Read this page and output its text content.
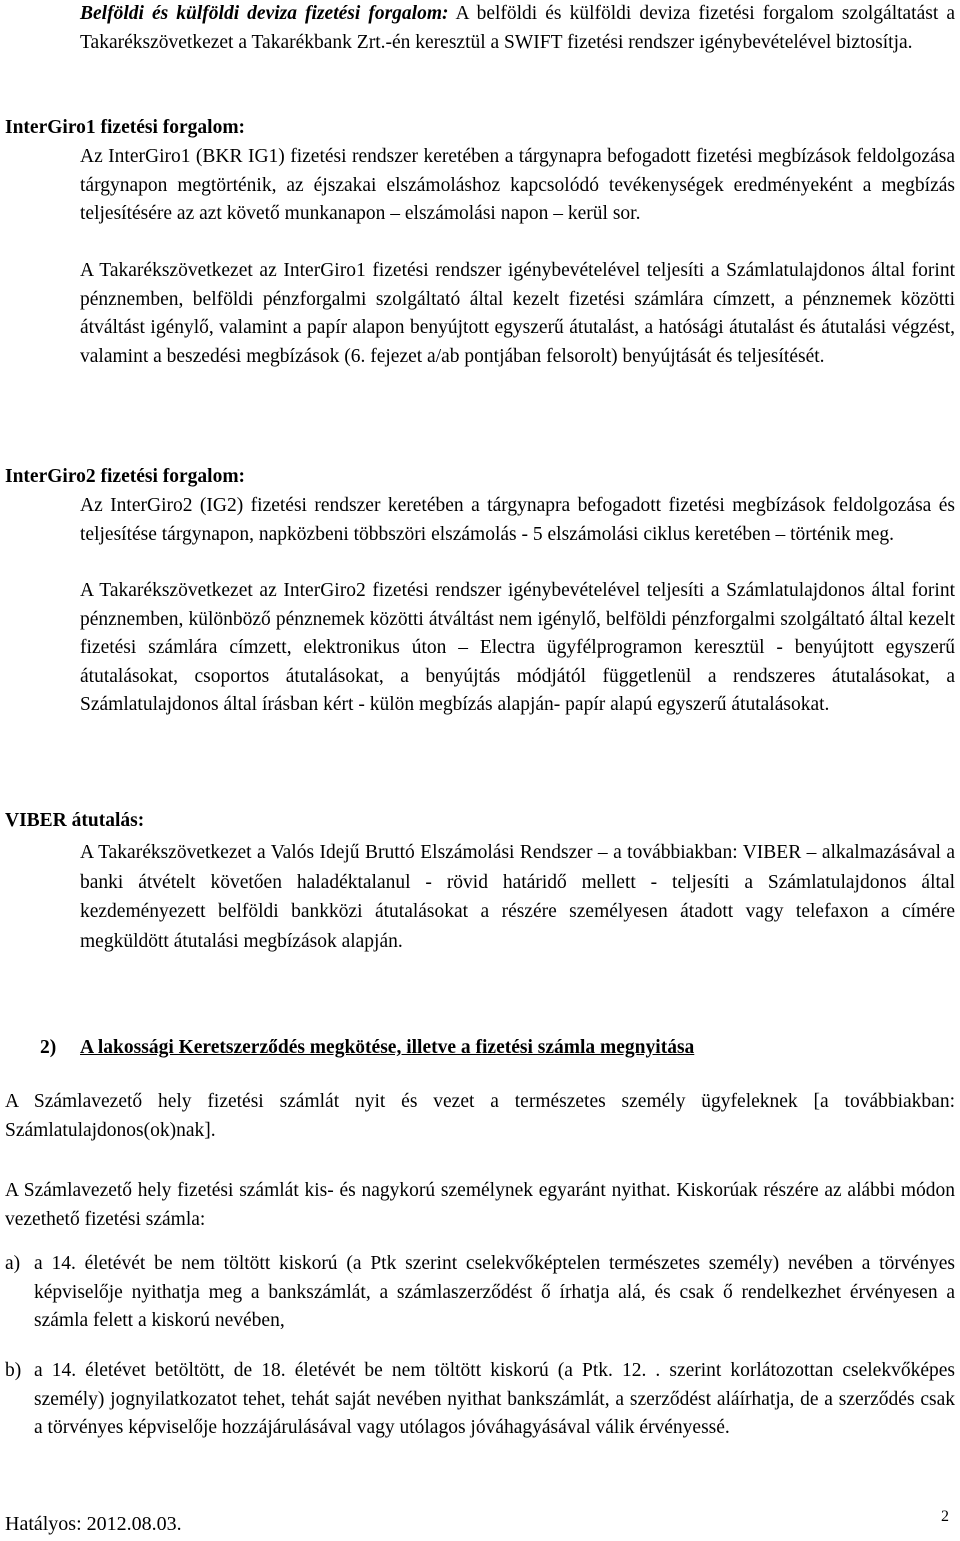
Belföldi és külföldi deviza fizetési forgalom: A belföldi és külföldi deviza fizetési forgalom szolgáltatást a Takarékszövetkezet a Takarékbank Zrt.-én keresztül a SWIFT fizetési rendszer igénybevételével biztosítja.
InterGiro1 fizetési forgalom:
Az InterGiro1 (BKR IG1) fizetési rendszer keretében a tárgynapra befogadott fizetési megbízások feldolgozása tárgynapon megtörténik, az éjszakai elszámoláshoz kapcsolódó tevékenységek eredményeként a megbízás teljesítésére az azt követő munkanapon – elszámolási napon – kerül sor.
A Takarékszövetkezet az InterGiro1 fizetési rendszer igénybevételével teljesíti a Számlatulajdonos által forint pénznemben, belföldi pénzforgalmi szolgáltató által kezelt fizetési számlára címzett, a pénznemek közötti átváltást igénylő, valamint a papír alapon benyújtott egyszerű átutalást, a hatósági átutalást és átutalási végzést, valamint a beszedési megbízások (6. fejezet a/ab pontjában felsorolt) benyújtását és teljesítését.
InterGiro2 fizetési forgalom:
Az InterGiro2 (IG2) fizetési rendszer keretében a tárgynapra befogadott fizetési megbízások feldolgozása és teljesítése tárgynapon, napközbeni többszöri elszámolás - 5 elszámolási ciklus keretében – történik meg.
A Takarékszövetkezet az InterGiro2 fizetési rendszer igénybevételével teljesíti a Számlatulajdonos által forint pénznemben, különböző pénznemek közötti átváltást nem igénylő, belföldi pénzforgalmi szolgáltató által kezelt fizetési számlára címzett, elektronikus úton – Electra ügyfélprogramon keresztül - benyújtott egyszerű átutalásokat, csoportos átutalásokat, a benyújtás módjától függetlenül a rendszeres átutalásokat, a Számlatulajdonos által írásban kért - külön megbízás alapján- papír alapú egyszerű átutalásokat.
VIBER átutalás:
A Takarékszövetkezet a Valós Idejű Bruttó Elszámolási Rendszer – a továbbiakban: VIBER – alkalmazásával a banki átvételt követően haladéktalanul - rövid határidő mellett - teljesíti a Számlatulajdonos által kezdeményezett belföldi bankközi átutalásokat a részére személyesen átadott vagy telefaxon a címére megküldött átutalási megbízások alapján.
2) A lakossági Keretszerződés megkötése, illetve a fizetési számla megnyitása
A Számlavezető hely fizetési számlát nyit és vezet a természetes személy ügyfeleknek [a továbbiakban: Számlatulajdonos(ok)nak].
A Számlavezető hely fizetési számlát kis- és nagykorú személynek egyaránt nyithat. Kiskorúak részére az alábbi módon vezethető fizetési számla:
a) a 14. életévét be nem töltött kiskorú (a Ptk szerint cselekvőképtelen természetes személy) nevében a törvényes képviselője nyithatja meg a bankszámlát, a számlaszerződést ő írhatja alá, és csak ő rendelkezhet érvényesen a számla felett a kiskorú nevében,
b) a 14. életévet betöltött, de 18. életévét be nem töltött kiskorú (a Ptk. 12. . szerint korlátozottan cselekvőképes személy) jognyilatkozatot tehet, tehát saját nevében nyithat bankszámlát, a szerződést aláírhatja, de a szerződés csak a törvényes képviselője hozzájárulásával vagy utólagos jóváhagyásával válik érvényessé.
Hatályos: 2012.08.03.	2
